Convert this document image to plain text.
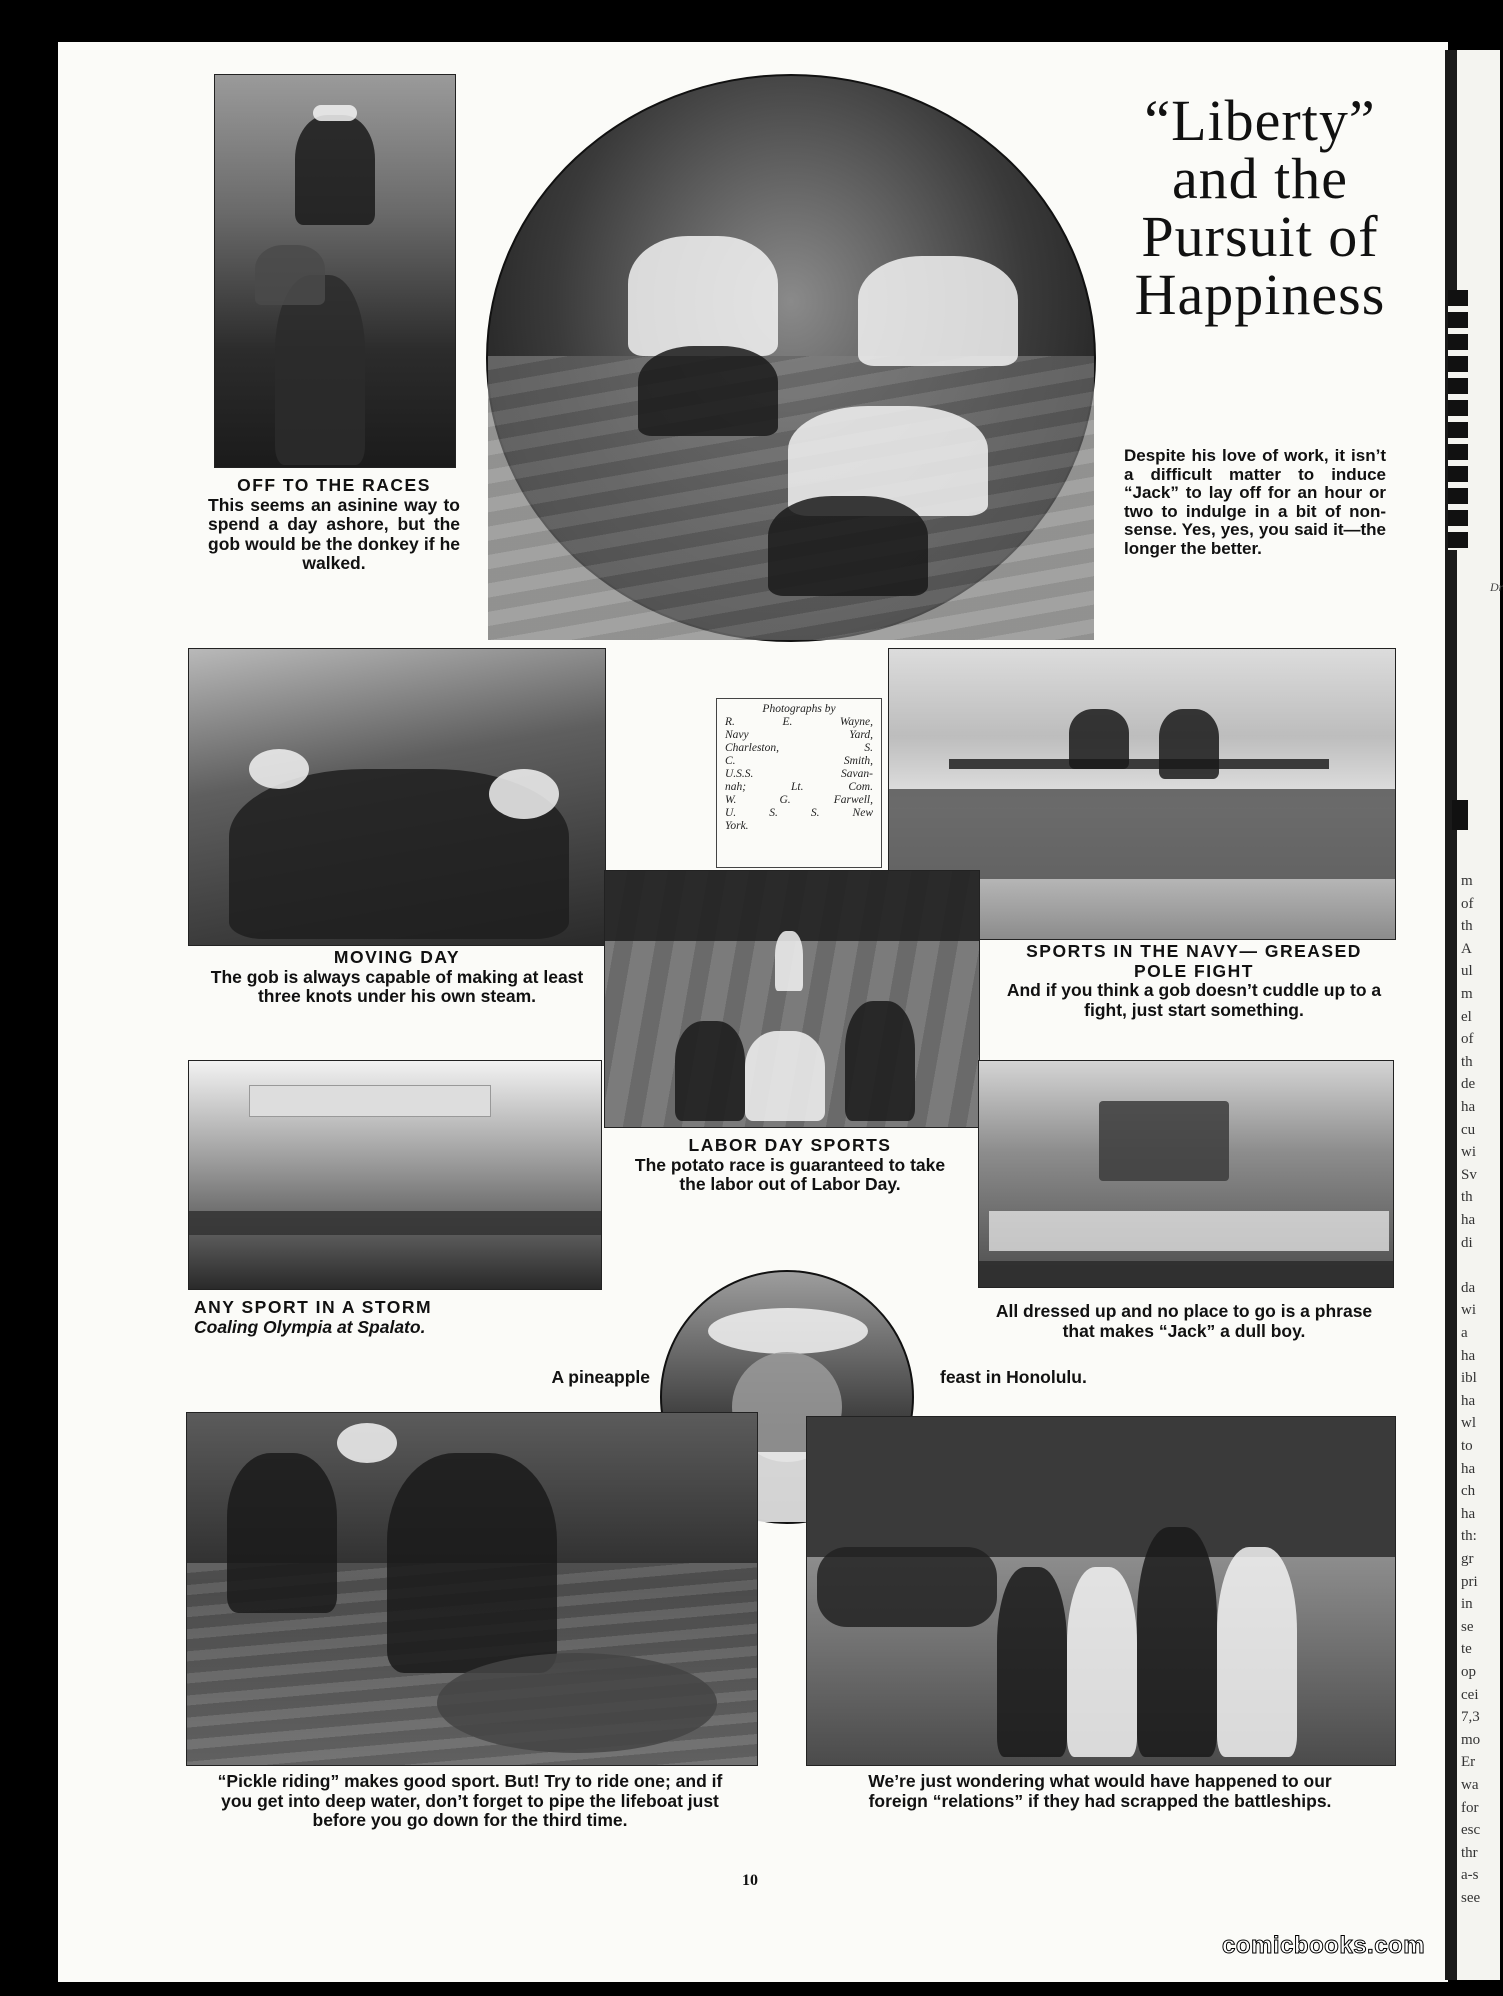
m
of
th
A
ul
m
el
of
th
de
ha
cu
wi
Sv
th
ha
di
da
wi
a
ha
ibl
ha
wl
to
ha
ch
ha
th:
gr
pri
in
se
te
op
cei
7,3
mo
Er
wa
for
esc
thr
a-s
see
Dr
“Liberty”
and the
Pursuit of
Happiness
Despite his love of work, it isn’t a difficult matter to induce “Jack” to lay off for an hour or two to indulge in a bit of non-sense. Yes, yes, you said it—the longer the better.
OFF TO THE RACES
This seems an asinine way to spend a day ashore, but the gob would be the donkey if he walked.
Photographs by
R. E. Wayne,
Navy Yard,
Charleston, S.
C. Smith,
U.S.S. Savan-
nah; Lt. Com.
W. G. Farwell,
U. S. S. New
York.
MOVING DAY
The gob is always capable of making at least three knots under his own steam.
SPORTS IN THE NAVY— GREASED POLE FIGHT
And if you think a gob doesn’t cuddle up to a fight, just start something.
LABOR DAY SPORTS
The potato race is guaranteed to take the labor out of Labor Day.
ANY SPORT IN A STORM
Coaling Olympia at Spalato.
All dressed up and no place to go is a phrase that makes “Jack” a dull boy.
A pineapple	feast in Honolulu.
“Pickle riding” makes good sport. But! Try to ride one; and if you get into deep water, don’t forget to pipe the lifeboat just before you go down for the third time.
We’re just wondering what would have happened to our foreign “relations” if they had scrapped the battleships.
10
comicbooks.com
